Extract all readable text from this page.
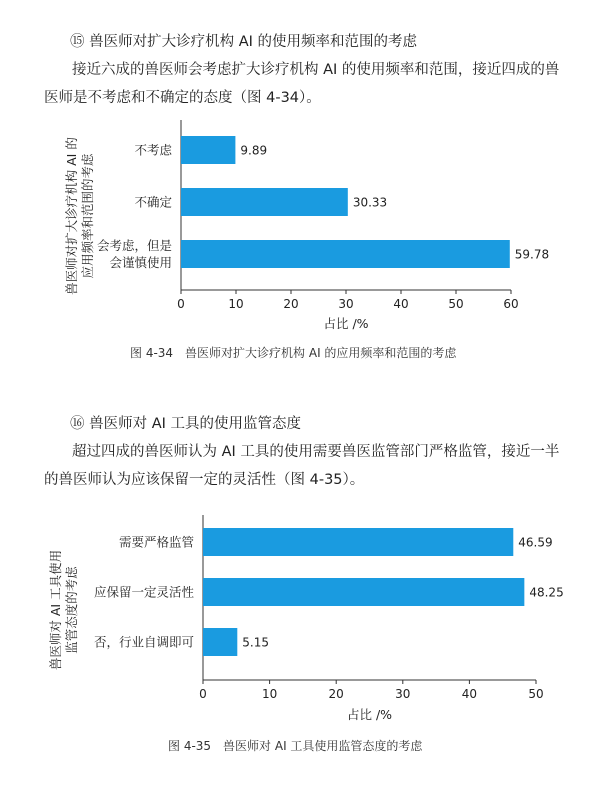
⑮ 兽医师对扩大诊疗机构 AI 的使用频率和范围的考虑
接近六成的兽医师会考虑扩大诊疗机构 AI 的使用频率和范围，接近四成的兽医师是不考虑和不确定的态度（图 4-34）。
9.89
不考虑
30.33
不确定
59.78
会考虑，但是
会谨慎使用
0	10	20	30	40	50	60
占比 /%
兽医师对扩大诊疗机构 AI 的 应用频率和范围的考虑
图 4-34　兽医师对扩大诊疗机构 AI 的应用频率和范围的考虑
⑯ 兽医师对 AI 工具的使用监管态度
超过四成的兽医师认为 AI 工具的使用需要兽医监管部门严格监管，接近一半的兽医师认为应该保留一定的灵活性（图 4-35）。
46.59
需要严格监管
48.25
应保留一定灵活性
5.15
否，行业自调即可
0	10	20	30	40	50
占比 /%
兽医师对 AI 工具使用 监管态度的考虑
图 4-35　兽医师对 AI 工具使用监管态度的考虑
